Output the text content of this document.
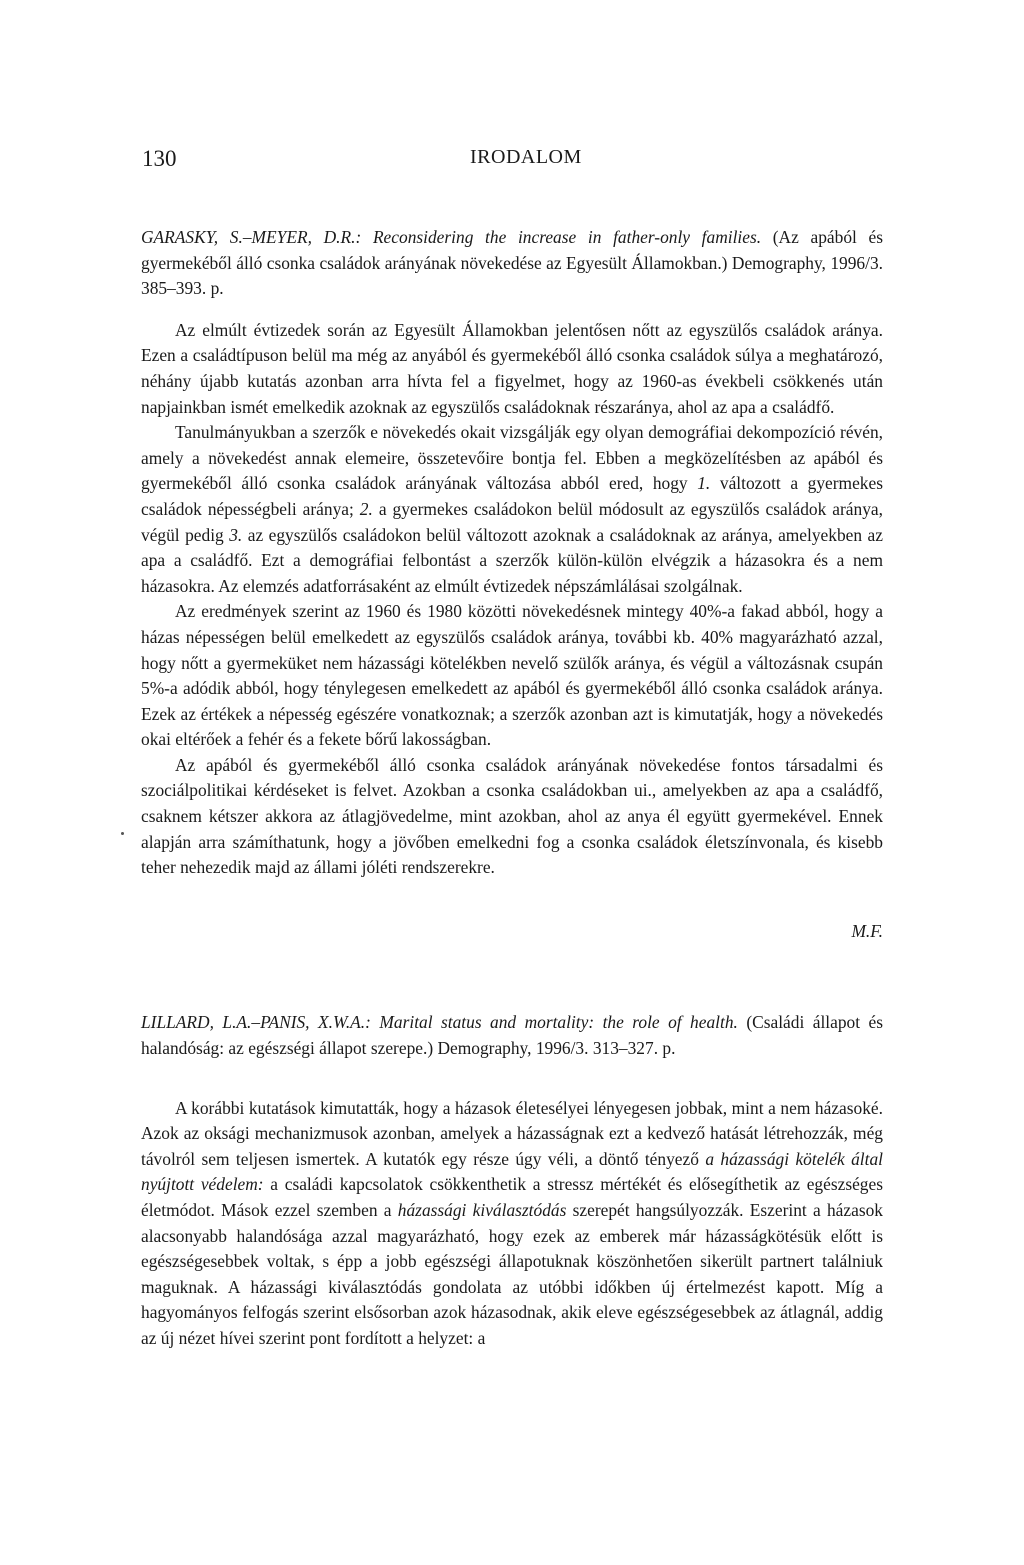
130	IRODALOM

GARASKY, S.–MEYER, D.R.: Reconsidering the increase in father-only families. (Az apából és gyermekéből álló csonka családok arányának növekedése az Egyesült Államokban.) Demography, 1996/3. 385–393. p.

Az elmúlt évtizedek során az Egyesült Államokban jelentősen nőtt az egyszülős családok aránya. Ezen a családtípuson belül ma még az anyából és gyermekéből álló csonka családok súlya a meghatározó, néhány újabb kutatás azonban arra hívta fel a figyelmet, hogy az 1960-as évekbeli csökkenés után napjainkban ismét emelkedik azoknak az egyszülős családoknak részaránya, ahol az apa a családfő.

Tanulmányukban a szerzők e növekedés okait vizsgálják egy olyan demográfiai dekompozíció révén, amely a növekedést annak elemeire, összetevőire bontja fel. Ebben a megközelítésben az apából és gyermekéből álló csonka családok arányának változása abból ered, hogy 1. változott a gyermekes családok népességbeli aránya; 2. a gyermekes családokon belül módosult az egyszülős családok aránya, végül pedig 3. az egyszülős családokon belül változott azoknak a családoknak az aránya, amelyekben az apa a családfő. Ezt a demográfiai felbontást a szerzők külön-külön elvégzik a házasokra és a nem házasokra. Az elemzés adatforrásaként az elmúlt évtizedek népszámlálásai szolgálnak.

Az eredmények szerint az 1960 és 1980 közötti növekedésnek mintegy 40%-a fakad abból, hogy a házas népességen belül emelkedett az egyszülős családok aránya, további kb. 40% magyarázható azzal, hogy nőtt a gyermeküket nem házassági kötelékben nevelő szülők aránya, és végül a változásnak csupán 5%-a adódik abból, hogy ténylegesen emelkedett az apából és gyermekéből álló csonka családok aránya. Ezek az értékek a népesség egészére vonatkoznak; a szerzők azonban azt is kimutatják, hogy a növekedés okai eltérőek a fehér és a fekete bőrű lakosságban.

Az apából és gyermekéből álló csonka családok arányának növekedése fontos társadalmi és szociálpolitikai kérdéseket is felvet. Azokban a csonka családokban ui., amelyekben az apa a családfő, csaknem kétszer akkora az átlagjövedelme, mint azokban, ahol az anya él együtt gyermekével. Ennek alapján arra számíthatunk, hogy a jövőben emelkedni fog a csonka családok életszínvonala, és kisebb teher nehezedik majd az állami jóléti rendszerekre.

M.F.

LILLARD, L.A.–PANIS, X.W.A.: Marital status and mortality: the role of health. (Családi állapot és halandóság: az egészségi állapot szerepe.) Demography, 1996/3. 313–327. p.

A korábbi kutatások kimutatták, hogy a házasok életesélyei lényegesen jobbak, mint a nem házasoké. Azok az oksági mechanizmusok azonban, amelyek a házasságnak ezt a kedvező hatását létrehozzák, még távolról sem teljesen ismertek. A kutatók egy része úgy véli, a döntő tényező a házassági kötelék által nyújtott védelem: a családi kapcsolatok csökkenthetik a stressz mértékét és elősegíthetik az egészséges életmódot. Mások ezzel szemben a házassági kiválasztódás szerepét hangsúlyozzák. Eszerint a házasok alacsonyabb halandósága azzal magyarázható, hogy ezek az emberek már házasságkötésük előtt is egészségesebbek voltak, s épp a jobb egészségi állapotuknak köszönhetően sikerült partnert találniuk maguknak. A házassági kiválasztódás gondolata az utóbbi időkben új értelmezést kapott. Míg a hagyományos felfogás szerint elsősorban azok házasodnak, akik eleve egészségesebbek az átlagnál, addig az új nézet hívei szerint pont fordított a helyzet: a
